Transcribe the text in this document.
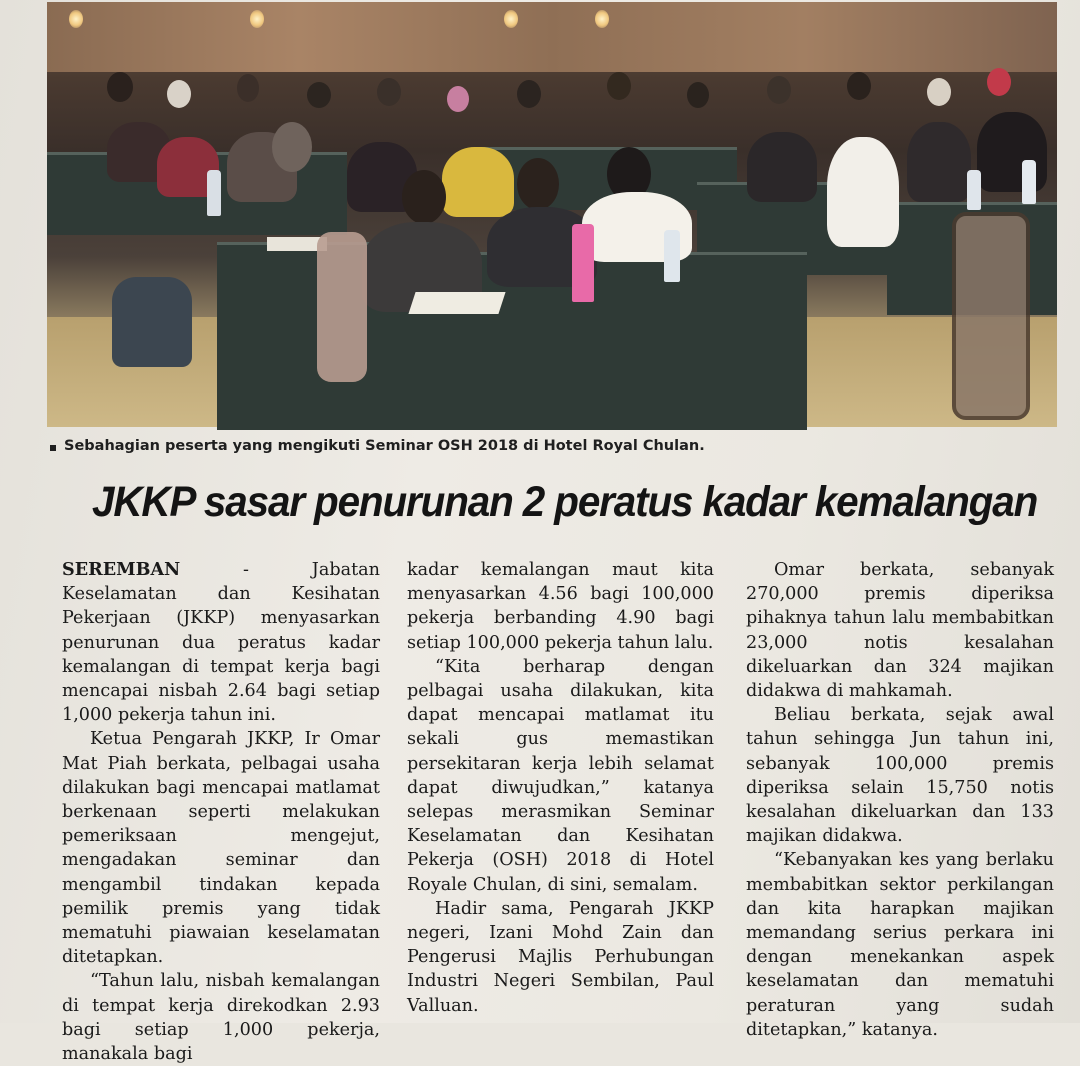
Sebahagian peserta yang mengikuti Seminar OSH 2018 di Hotel Royal Chulan.
JKKP sasar penurunan 2 peratus kadar kemalangan

SEREMBAN - Jabatan Keselamatan dan Kesihatan Pekerjaan (JKKP) menyasarkan penurunan dua peratus kadar kemalangan di tempat kerja bagi mencapai nisbah 2.64 bagi setiap 1,000 pekerja tahun ini.

Ketua Pengarah JKKP, Ir Omar Mat Piah berkata, pelbagai usaha dilakukan bagi mencapai matlamat berkenaan seperti melakukan pemeriksaan mengejut, mengadakan seminar dan mengambil tindakan kepada pemilik premis yang tidak mematuhi piawaian keselamatan ditetapkan.

“Tahun lalu, nisbah kemalangan di tempat kerja direkodkan 2.93 bagi setiap 1,000 pekerja, manakala bagi

kadar kemalangan maut kita menyasarkan 4.56 bagi 100,000 pekerja berbanding 4.90 bagi setiap 100,000 pekerja tahun lalu.

“Kita berharap dengan pelbagai usaha dilakukan, kita dapat mencapai matlamat itu sekali gus memastikan persekitaran kerja lebih selamat dapat diwujudkan,” katanya selepas merasmikan Seminar Keselamatan dan Kesihatan Pekerja (OSH) 2018 di Hotel Royale Chulan, di sini, semalam.

Hadir sama, Pengarah JKKP negeri, Izani Mohd Zain dan Pengerusi Majlis Perhubungan Industri Negeri Sembilan, Paul Valluan.

Omar berkata, sebanyak 270,000 premis diperiksa pihaknya tahun lalu membabitkan 23,000 notis kesalahan dikeluarkan dan 324 majikan didakwa di mahkamah.

Beliau berkata, sejak awal tahun sehingga Jun tahun ini, sebanyak 100,000 premis diperiksa selain 15,750 notis kesalahan dikeluarkan dan 133 majikan didakwa.

“Kebanyakan kes yang berlaku membabitkan sektor perkilangan dan kita harapkan majikan memandang serius perkara ini dengan menekankan aspek keselamatan dan mematuhi peraturan yang sudah ditetapkan,” katanya.
